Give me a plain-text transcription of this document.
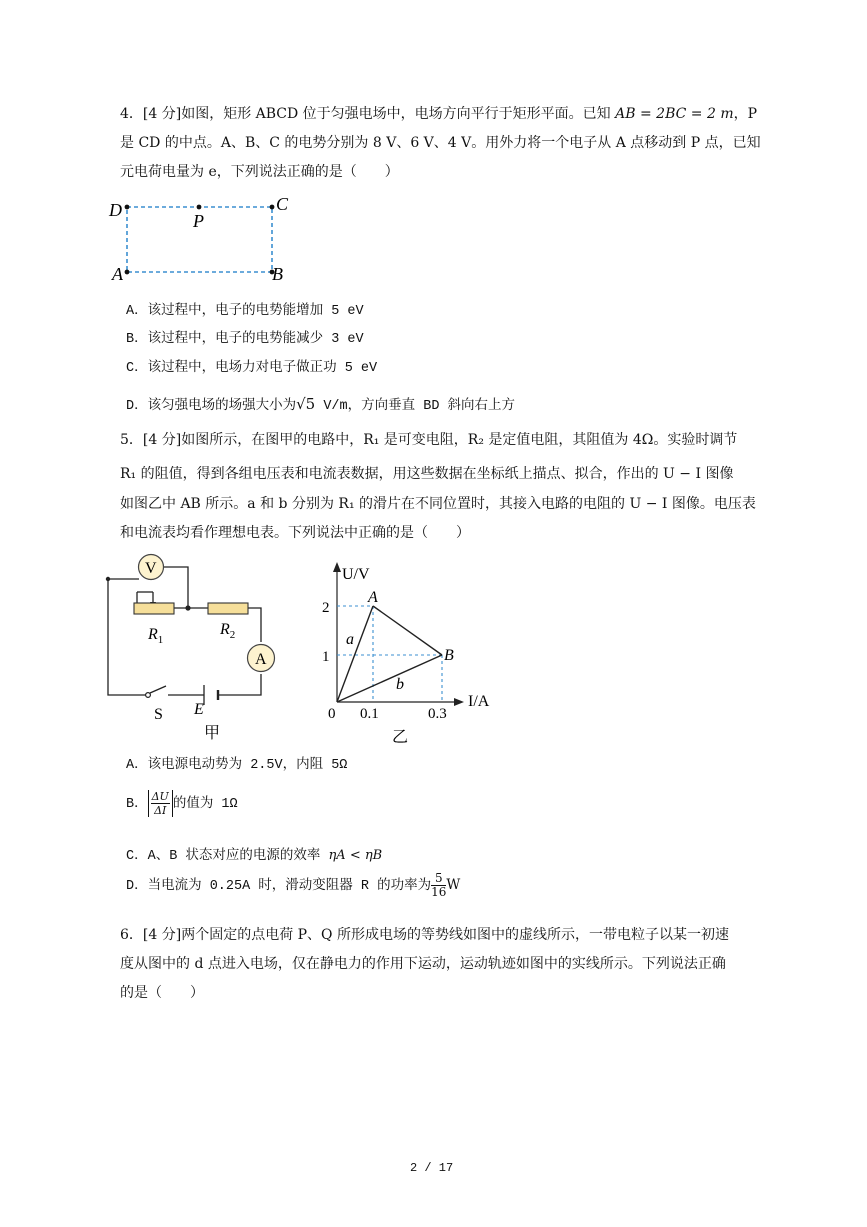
4．[4 分]如图，矩形 ABCD 位于匀强电场中，电场方向平行于矩形平面。已知 AB = 2BC = 2 m，P
是 CD 的中点。A、B、C 的电势分别为 8 V、6 V、4 V。用外力将一个电子从 A 点移动到 P 点，已知
元电荷电量为 e，下列说法正确的是（　　）
D	C
A	B
P
A．该过程中，电子的电势能增加 5 eV
B．该过程中，电子的电势能减少 3 eV
C．该过程中，电场力对电子做正功 5 eV
D．该匀强电场的场强大小为√5 V/m，方向垂直 BD 斜向右上方
5．[4 分]如图所示，在图甲的电路中，R₁ 是可变电阻，R₂ 是定值电阻，其阻值为 4Ω。实验时调节
R₁ 的阻值，得到各组电压表和电流表数据，用这些数据在坐标纸上描点、拟合，作出的 U − I 图像
如图乙中 AB 所示。a 和 b 分别为 R₁ 的滑片在不同位置时，其接入电路的电阻的 U − I 图像。电压表
和电流表均看作理想电表。下列说法中正确的是（　　）
V
A
$R_1$
$R_2$
S E
甲
U/V
I/A
0
2
1
0.1	0.3
A
B
a
b
乙
A．该电源电动势为 2.5V，内阻 5Ω
B． $\frac{\Delta U}{\Delta I}$ 的值为 1Ω
C．A、B 状态对应的电源的效率 ηA < ηB
D．当电流为 0.25A 时，滑动变阻器 R 的功率为 $\frac{5}{16}$ W
6．[4 分]两个固定的点电荷 P、Q 所形成电场的等势线如图中的虚线所示，一带电粒子以某一初速
度从图中的 d 点进入电场，仅在静电力的作用下运动，运动轨迹如图中的实线所示。下列说法正确
的是（　　）
2 / 17
